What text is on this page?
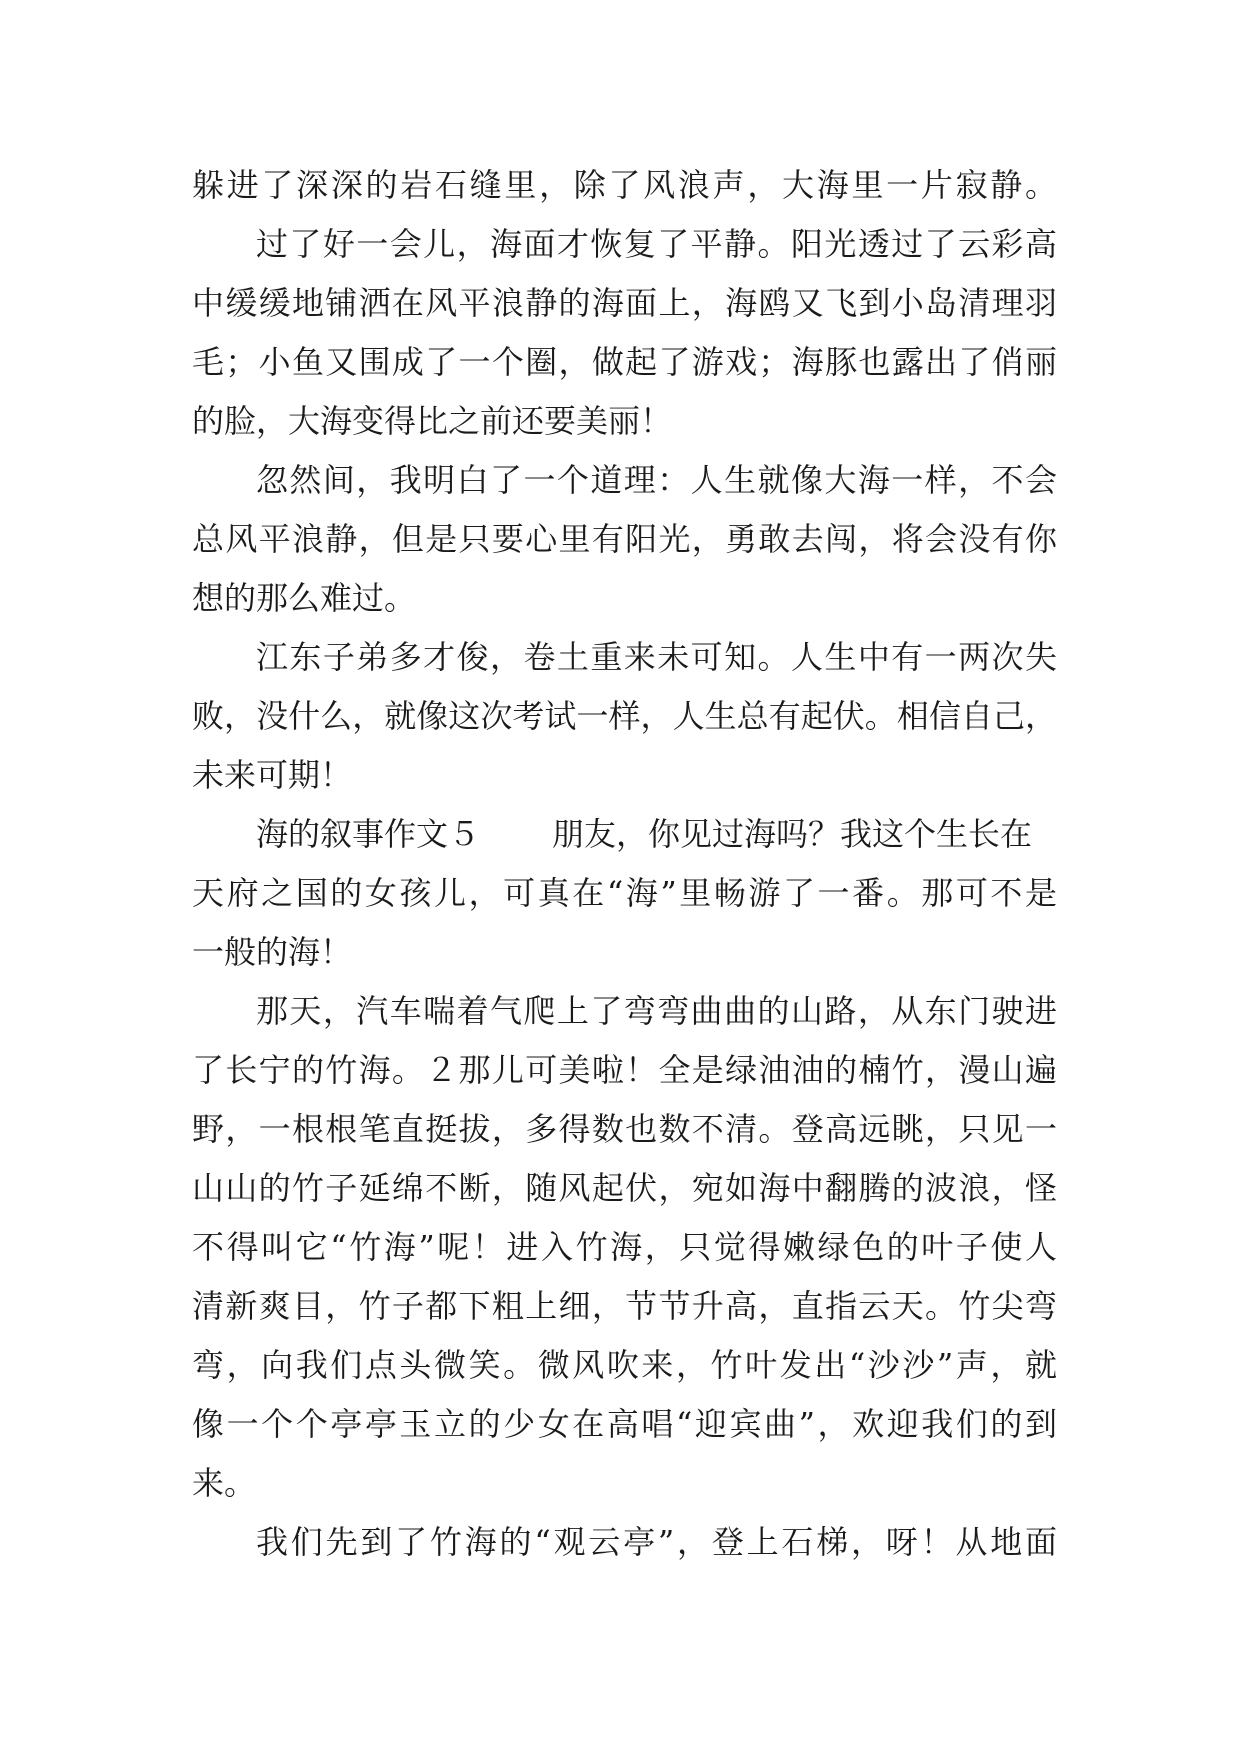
躲进了深深的岩石缝里，除了风浪声，大海里一片寂静。
过了好一会儿，海面才恢复了平静。阳光透过了云彩高
中缓缓地铺洒在风平浪静的海面上，海鸥又飞到小岛清理羽
毛；小鱼又围成了一个圈，做起了游戏；海豚也露出了俏丽
的脸，大海变得比之前还要美丽！
忽然间，我明白了一个道理：人生就像大海一样，不会
总风平浪静，但是只要心里有阳光，勇敢去闯，将会没有你
想的那么难过。
江东子弟多才俊，卷土重来未可知。人生中有一两次失
败，没什么，就像这次考试一样，人生总有起伏。相信自己，
未来可期！
海的叙事作文５ 朋友，你见过海吗？我这个生长在
天府之国的女孩儿，可真在“海”里畅游了一番。那可不是
一般的海！
那天，汽车喘着气爬上了弯弯曲曲的山路，从东门驶进
了长宁的竹海。２那儿可美啦！全是绿油油的楠竹，漫山遍
野，一根根笔直挺拔，多得数也数不清。登高远眺，只见一
山山的竹子延绵不断，随风起伏，宛如海中翻腾的波浪，怪
不得叫它“竹海”呢！进入竹海，只觉得嫩绿色的叶子使人
清新爽目，竹子都下粗上细，节节升高，直指云天。竹尖弯
弯，向我们点头微笑。微风吹来，竹叶发出“沙沙”声，就
像一个个亭亭玉立的少女在高唱“迎宾曲”，欢迎我们的到
来。
我们先到了竹海的“观云亭”，登上石梯，呀！从地面
